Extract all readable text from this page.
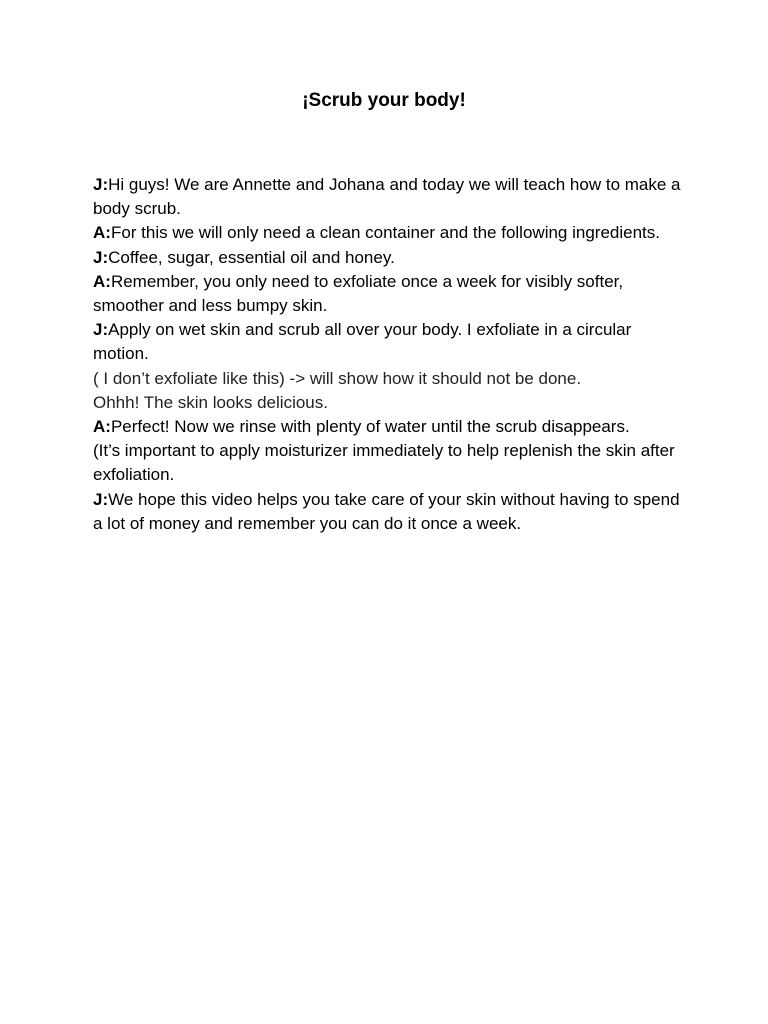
¡Scrub your body!

J:Hi guys! We are Annette and Johana and today we will teach how to make a body scrub.

A:For this we will only need a clean container and the following ingredients.

J:Coffee, sugar, essential oil and honey.

A:Remember, you only need to exfoliate once a week for visibly softer, smoother and less bumpy skin.

J:Apply on wet skin and scrub all over your body. I exfoliate in a circular motion.

( I don’t exfoliate like this) -> will show how it should not be done.

Ohhh! The skin looks delicious.

A:Perfect! Now we rinse with plenty of water until the scrub disappears.

(It’s important to apply moisturizer immediately to help replenish the skin after exfoliation.

J:We hope this video helps you take care of your skin without having to spend a lot of money and remember you can do it once a week.
